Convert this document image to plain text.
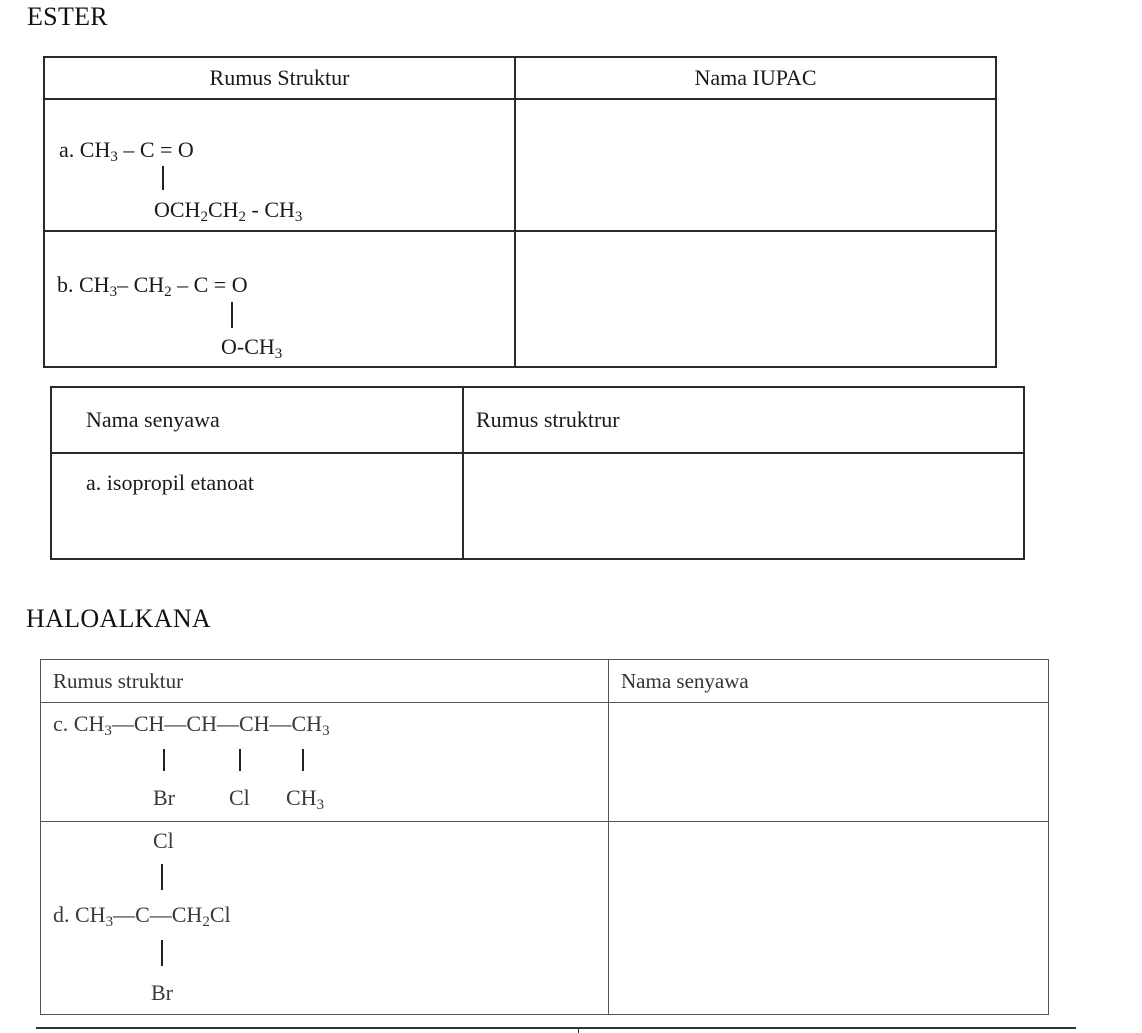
ESTER
Rumus Struktur	Nama IUPAC

a. $CH_3 - C = O$
$OCH_2CH_2 - CH_3$

b. $CH_3-$ $CH_2 - C = O$
$O-CH_3$

Nama senyawa	Rumus struktrur
a. isopropil etanoat	
HALOALKANA
Rumus struktur	Nama senyawa

c. $CH_3—CH—CH—CH—CH_3$
Br Cl $CH_3$

Cl
d. $CH_3—C—CH_2Cl$
Br	
